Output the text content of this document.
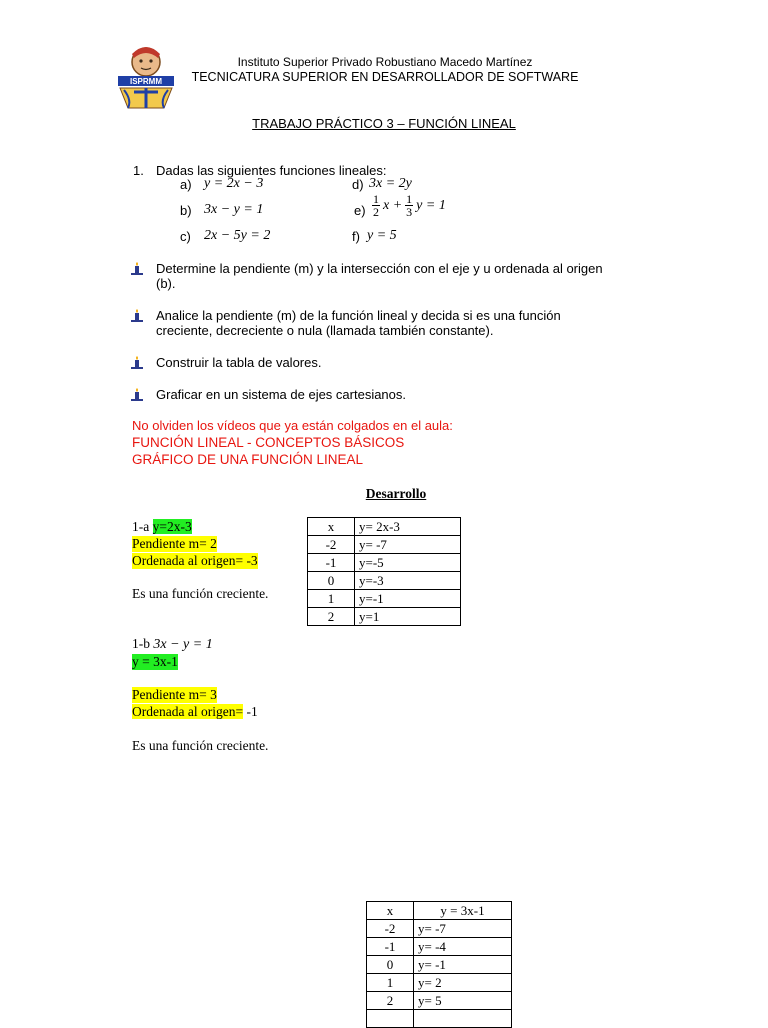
ISPRMM
Instituto Superior Privado Robustiano Macedo Martínez
TECNICATURA SUPERIOR EN DESARROLLADOR DE SOFTWARE
TRABAJO PRÁCTICO 3 – FUNCIÓN LINEAL
1. Dadas las siguientes funciones lineales:
a) y = 2x − 3
b) 3x − y = 1
c) 2x − 5y = 2
d) 3x = 2y
$e) \frac{1}{2}$ $x + \frac{1}{3}$ y = 1
f) y = 5
Determine la pendiente (m) y la intersección con el eje y u ordenada al origen
(b).
Analice la pendiente (m) de la función lineal y decida si es una función
creciente, decreciente o nula (llamada también constante).
Construir la tabla de valores.
Graficar en un sistema de ejes cartesianos.
No olviden los vídeos que ya están colgados en el aula:
FUNCIÓN LINEAL - CONCEPTOS BÁSICOS
GRÁFICO DE UNA FUNCIÓN LINEAL
Desarrollo
1-a y=2x-3
Pendiente m= 2
Ordenada al origen= -3
Es una función creciente.
x	y= 2x-3
-2	y= -7
-1	y=-5
0	y=-3
1	y=-1
2	y=1
1-b 3x − y = 1
y = 3x-1
Pendiente m= 3
Ordenada al origen= -1
Es una función creciente.
x	y = 3x-1
-2	y= -7
-1	y= -4
0	y= -1
1	y= 2
2	y= 5
